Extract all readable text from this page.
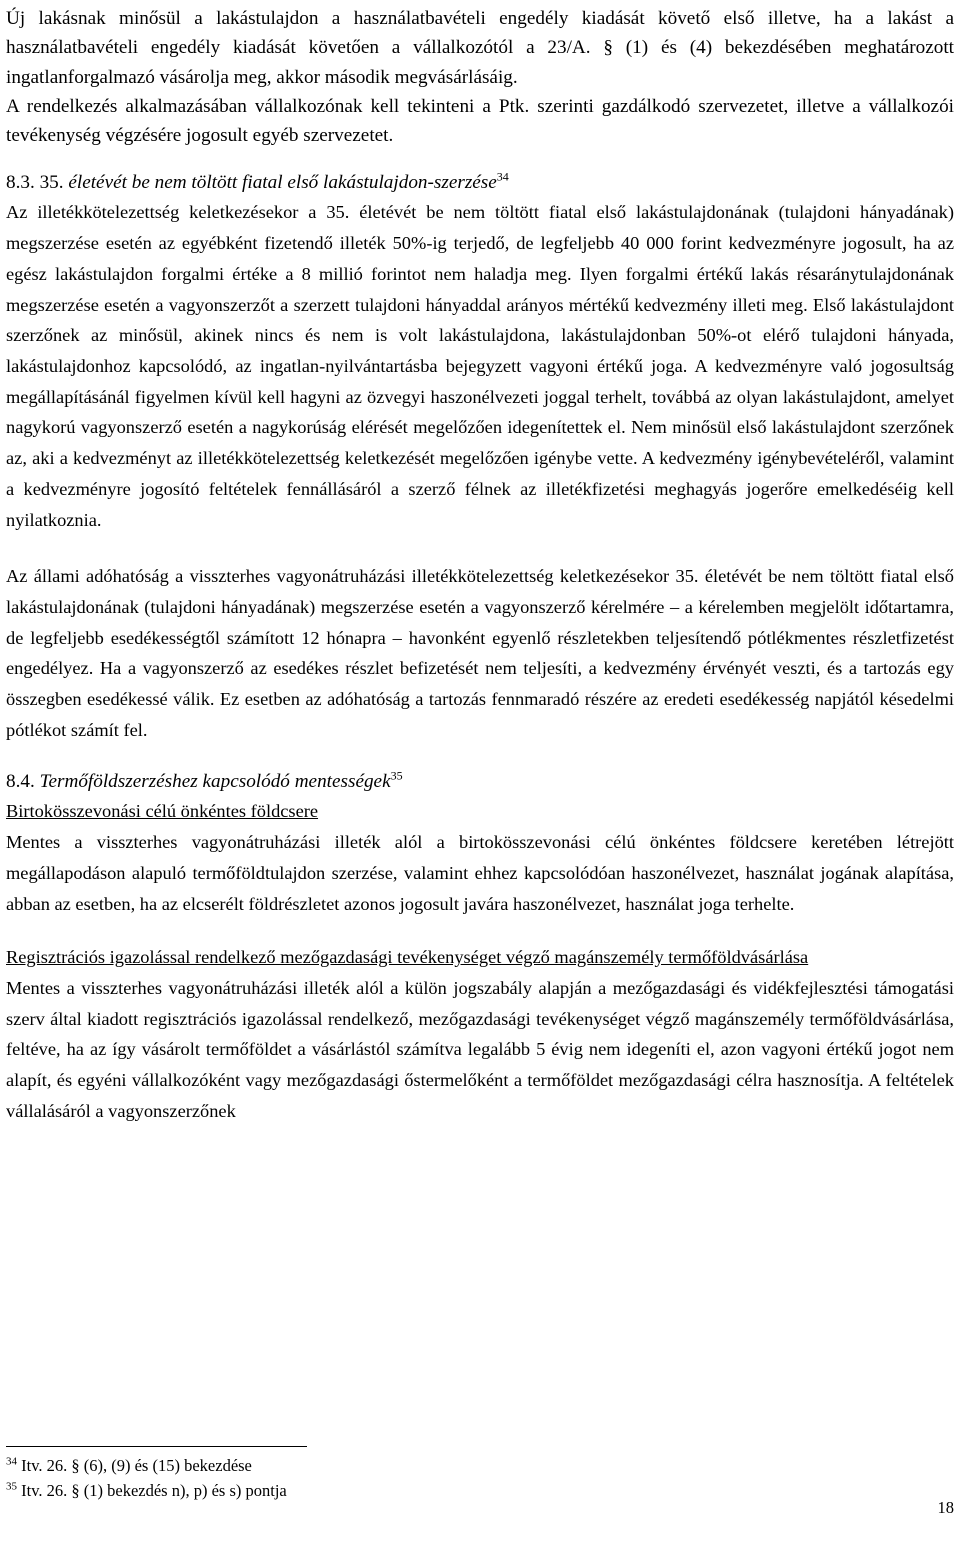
Új lakásnak minősül a lakástulajdon a használatbavételi engedély kiadását követő első illetve, ha a lakást a használatbavételi engedély kiadását követően a vállalkozótól a 23/A. § (1) és (4) bekezdésében meghatározott ingatlanforgalmazó vásárolja meg, akkor második megvásárlásáig.

A rendelkezés alkalmazásában vállalkozónak kell tekinteni a Ptk. szerinti gazdálkodó szervezetet, illetve a vállalkozói tevékenység végzésére jogosult egyéb szervezetet.

8.3. 35. életévét be nem töltött fiatal első lakástulajdon-szerzése$^{34}$

Az illetékkötelezettség keletkezésekor a 35. életévét be nem töltött fiatal első lakástulajdonának (tulajdoni hányadának) megszerzése esetén az egyébként fizetendő illeték 50%-ig terjedő, de legfeljebb 40 000 forint kedvezményre jogosult, ha az egész lakástulajdon forgalmi értéke a 8 millió forintot nem haladja meg. Ilyen forgalmi értékű lakás résaránytulajdonának megszerzése esetén a vagyonszerzőt a szerzett tulajdoni hányaddal arányos mértékű kedvezmény illeti meg. Első lakástulajdont szerzőnek az minősül, akinek nincs és nem is volt lakástulajdona, lakástulajdonban 50%-ot elérő tulajdoni hányada, lakástulajdonhoz kapcsolódó, az ingatlan-nyilvántartásba bejegyzett vagyoni értékű joga. A kedvezményre való jogosultság megállapításánál figyelmen kívül kell hagyni az özvegyi haszonélvezeti joggal terhelt, továbbá az olyan lakástulajdont, amelyet nagykorú vagyonszerző esetén a nagykorúság elérését megelőzően idegenítettek el. Nem minősül első lakástulajdont szerzőnek az, aki a kedvezményt az illetékkötelezettség keletkezését megelőzően igénybe vette. A kedvezmény igénybevételéről, valamint a kedvezményre jogosító feltételek fennállásáról a szerző félnek az illetékfizetési meghagyás jogerőre emelkedéséig kell nyilatkoznia.

Az állami adóhatóság a visszterhes vagyonátruházási illetékkötelezettség keletkezésekor 35. életévét be nem töltött fiatal első lakástulajdonának (tulajdoni hányadának) megszerzése esetén a vagyonszerző kérelmére – a kérelemben megjelölt időtartamra, de legfeljebb esedékességtől számított 12 hónapra – havonként egyenlő részletekben teljesítendő pótlékmentes részletfizetést engedélyez. Ha a vagyonszerző az esedékes részlet befizetését nem teljesíti, a kedvezmény érvényét veszti, és a tartozás egy összegben esedékessé válik. Ez esetben az adóhatóság a tartozás fennmaradó részére az eredeti esedékesség napjától késedelmi pótlékot számít fel.

8.4. Termőföldszerzéshez kapcsolódó mentességek$^{35}$

Birtokösszevonási célú önkéntes földcsere

Mentes a visszterhes vagyonátruházási illeték alól a birtokösszevonási célú önkéntes földcsere keretében létrejött megállapodáson alapuló termőföldtulajdon szerzése, valamint ehhez kapcsolódóan haszonélvezet, használat jogának alapítása, abban az esetben, ha az elcserélt földrészletet azonos jogosult javára haszonélvezet, használat joga terhelte.

Regisztrációs igazolással rendelkező mezőgazdasági tevékenységet végző magánszemély termőföldvásárlása

Mentes a visszterhes vagyonátruházási illeték alól a külön jogszabály alapján a mezőgazdasági és vidékfejlesztési támogatási szerv által kiadott regisztrációs igazolással rendelkező, mezőgazdasági tevékenységet végző magánszemély termőföldvásárlása, feltéve, ha az így vásárolt termőföldet a vásárlástól számítva legalább 5 évig nem idegeníti el, azon vagyoni értékű jogot nem alapít, és egyéni vállalkozóként vagy mezőgazdasági őstermelőként a termőföldet mezőgazdasági célra hasznosítja. A feltételek vállalásáról a vagyonszerzőnek

$^{34}$ Itv. 26. § (6), (9) és (15) bekezdése
$^{35}$ Itv. 26. § (1) bekezdés n), p) és s) pontja
18
